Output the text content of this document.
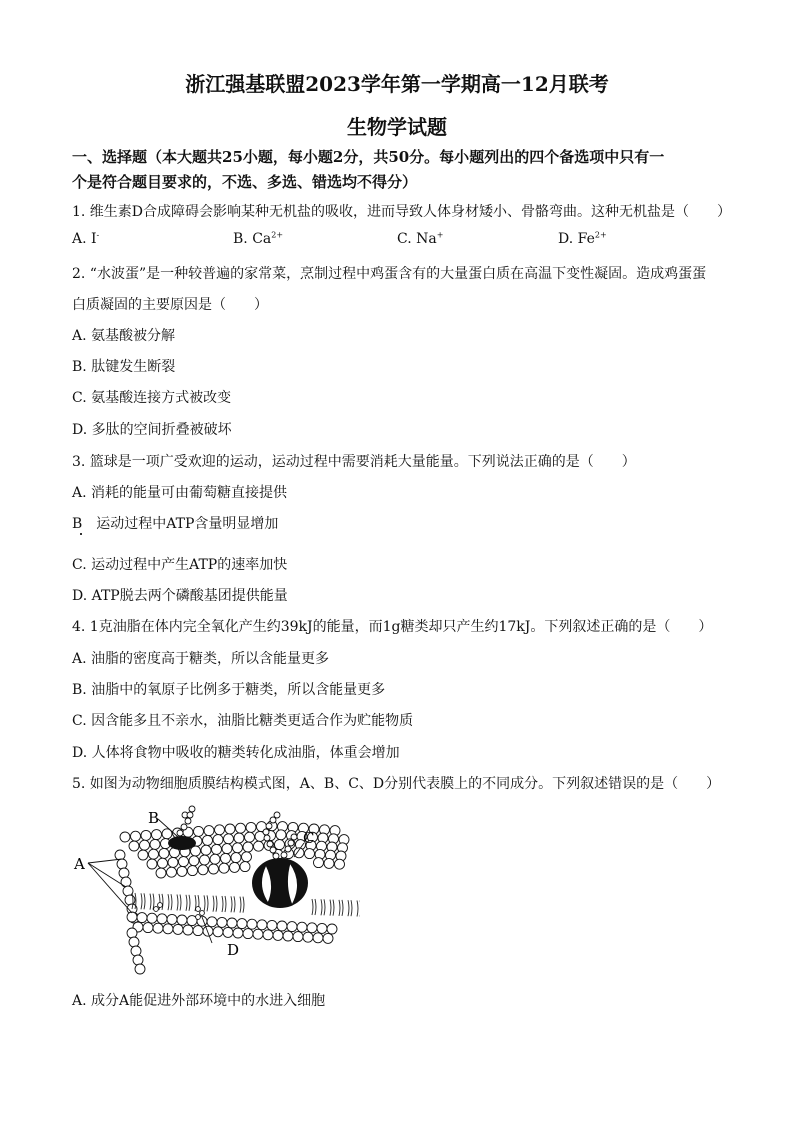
浙江强基联盟2023学年第一学期高一12月联考
生物学试题
一、选择题（本大题共25小题，每小题2分，共50分。每小题列出的四个备选项中只有一
个是符合题目要求的，不选、多选、错选均不得分）
1. 维生素D合成障碍会影响某种无机盐的吸收，进而导致人体身材矮小、骨骼弯曲。这种无机盐是（　　）
A. I-	B. $Ca^{2+}$	C. Na+	D. $Fe^{2+}$
2. “水波蛋”是一种较普遍的家常菜，烹制过程中鸡蛋含有的大量蛋白质在高温下变性凝固。造成鸡蛋蛋
白质凝固的主要原因是（　　）
A. 氨基酸被分解
B. 肽键发生断裂
C. 氨基酸连接方式被改变
D. 多肽的空间折叠被破坏
3. 篮球是一项广受欢迎的运动，运动过程中需要消耗大量能量。下列说法正确的是（　　）
A. 消耗的能量可由葡萄糖直接提供
B　运动过程中ATP含量明显增加
C. 运动过程中产生ATP的速率加快
D. ATP脱去两个磷酸基团提供能量
4. 1克油脂在体内完全氧化产生约39kJ的能量，而1g糖类却只产生约17kJ。下列叙述正确的是（　　）
A. 油脂的密度高于糖类，所以含能量更多
B. 油脂中的氧原子比例多于糖类，所以含能量更多
C. 因含能多且不亲水，油脂比糖类更适合作为贮能物质
D. 人体将食物中吸收的糖类转化成油脂，体重会增加
5. 如图为动物细胞质膜结构模式图，A、B、C、D分别代表膜上的不同成分。下列叙述错误的是（　　）
A
B
C
D
A. 成分A能促进外部环境中的水进入细胞
